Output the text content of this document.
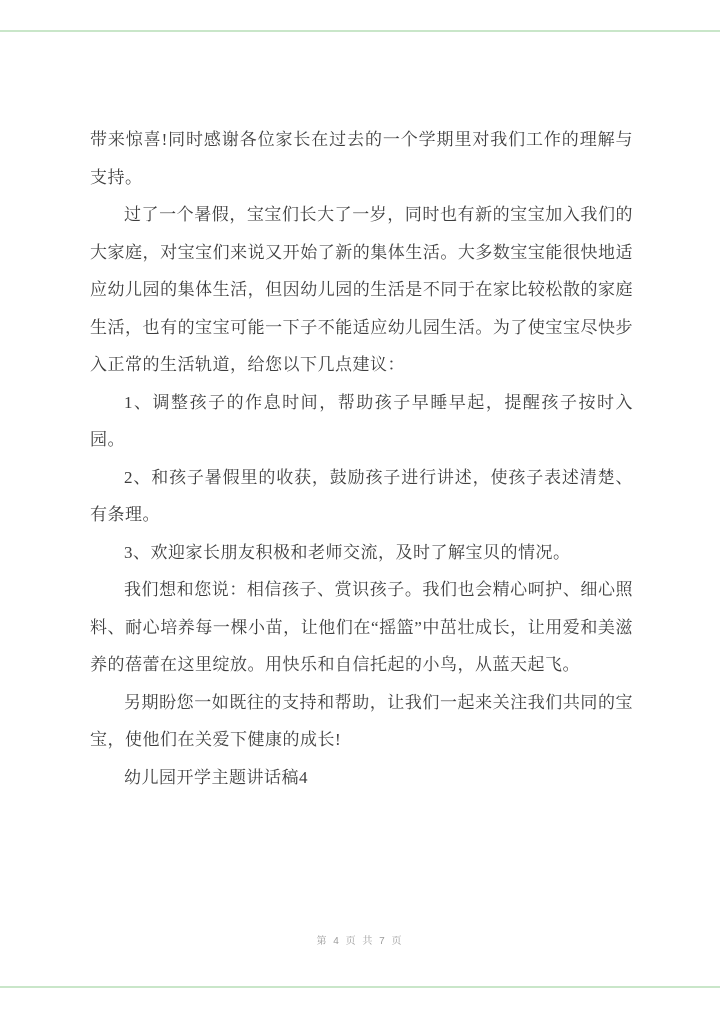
带来惊喜!同时感谢各位家长在过去的一个学期里对我们工作的理解与支持。

过了一个暑假，宝宝们长大了一岁，同时也有新的宝宝加入我们的大家庭，对宝宝们来说又开始了新的集体生活。大多数宝宝能很快地适应幼儿园的集体生活，但因幼儿园的生活是不同于在家比较松散的家庭生活，也有的宝宝可能一下子不能适应幼儿园生活。为了使宝宝尽快步入正常的生活轨道，给您以下几点建议：

1、调整孩子的作息时间，帮助孩子早睡早起，提醒孩子按时入园。

2、和孩子暑假里的收获，鼓励孩子进行讲述，使孩子表述清楚、有条理。

3、欢迎家长朋友积极和老师交流，及时了解宝贝的情况。

我们想和您说：相信孩子、赏识孩子。我们也会精心呵护、细心照料、耐心培养每一棵小苗，让他们在“摇篮”中茁壮成长，让用爱和美滋养的蓓蕾在这里绽放。用快乐和自信托起的小鸟，从蓝天起飞。

另期盼您一如既往的支持和帮助，让我们一起来关注我们共同的宝宝，使他们在关爱下健康的成长!

幼儿园开学主题讲话稿4

第 4 页 共 7 页
